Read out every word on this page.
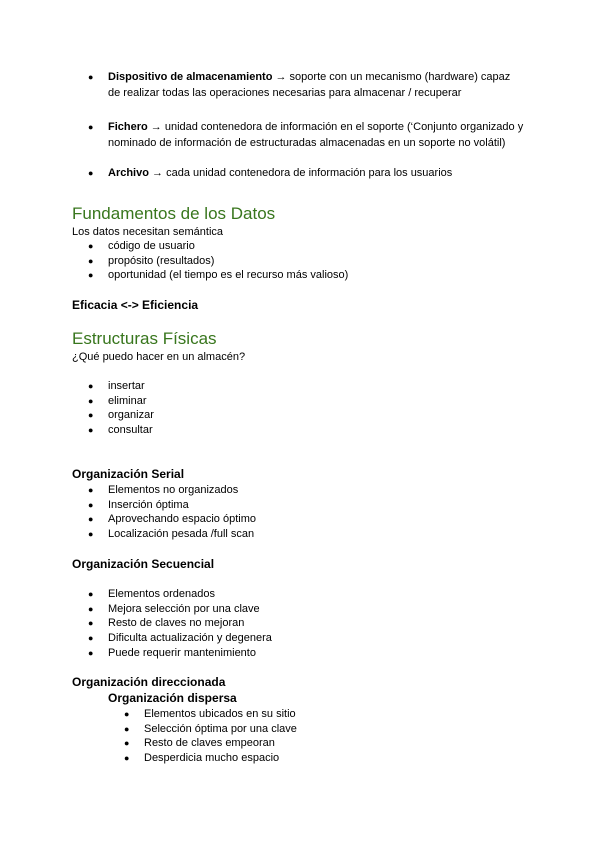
● Dispositivo de almacenamiento → soporte con un mecanismo (hardware) capaz
de realizar todas las operaciones necesarias para almacenar / recuperar
● Fichero → unidad contenedora de información en el soporte (‘Conjunto organizado y
nominado de información de estructuradas almacenadas en un soporte no volátil)
● Archivo → cada unidad contenedora de información para los usuarios
Fundamentos de los Datos
Los datos necesitan semántica
● código de usuario
● propósito (resultados)
● oportunidad (el tiempo es el recurso más valioso)
Eficacia <-> Eficiencia
Estructuras Físicas
¿Qué puedo hacer en un almacén?
● insertar
● eliminar
● organizar
● consultar
Organización Serial
● Elementos no organizados
● Inserción óptima
● Aprovechando espacio óptimo
● Localización pesada /full scan
Organización Secuencial
● Elementos ordenados
● Mejora selección por una clave
● Resto de claves no mejoran
● Dificulta actualización y degenera
● Puede requerir mantenimiento
Organización direccionada
Organización dispersa
● Elementos ubicados en su sitio
● Selección óptima por una clave
● Resto de claves empeoran
● Desperdicia mucho espacio
